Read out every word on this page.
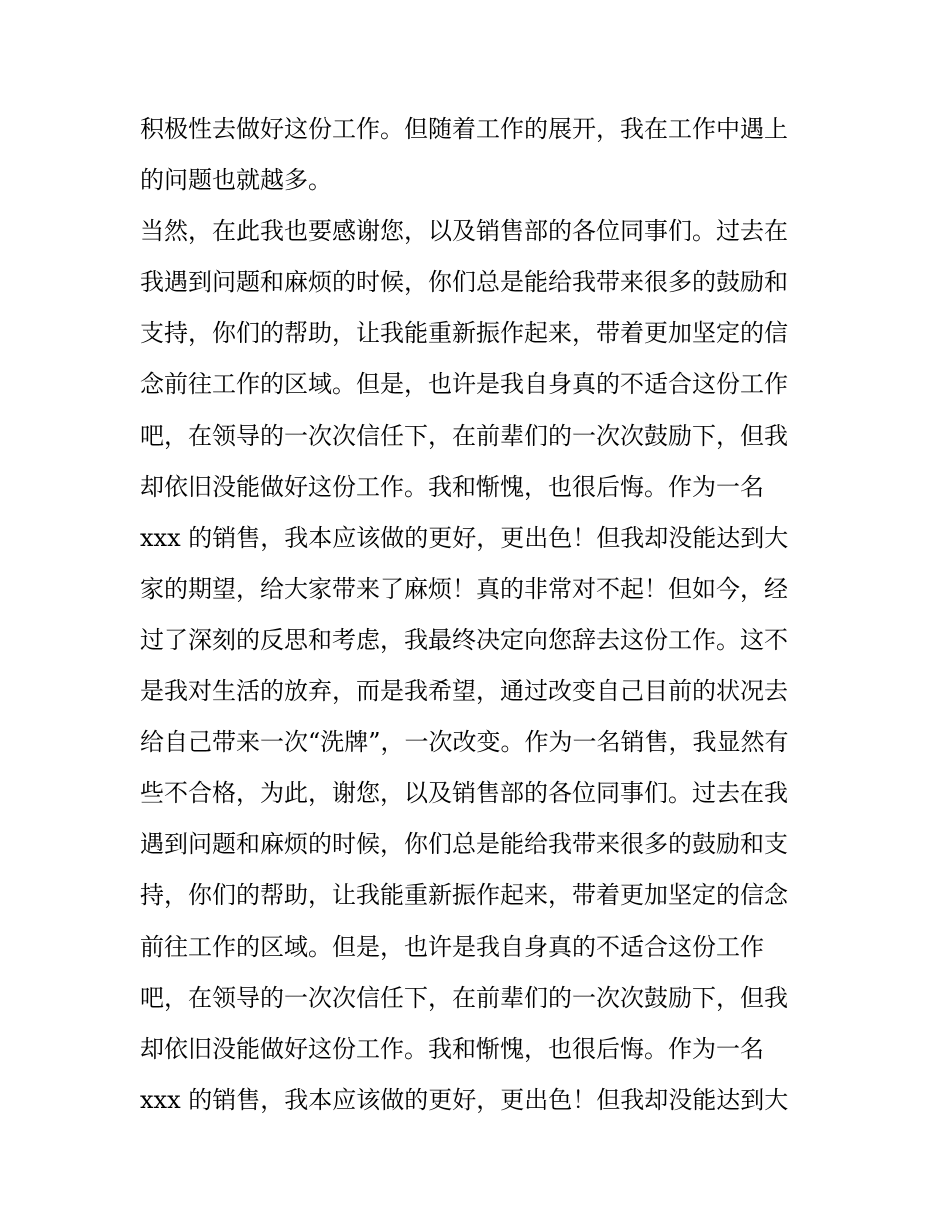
积极性去做好这份工作。但随着工作的展开，我在工作中遇上
的问题也就越多。
当然，在此我也要感谢您，以及销售部的各位同事们。过去在
我遇到问题和麻烦的时候，你们总是能给我带来很多的鼓励和
支持，你们的帮助，让我能重新振作起来，带着更加坚定的信
念前往工作的区域。但是，也许是我自身真的不适合这份工作
吧，在领导的一次次信任下，在前辈们的一次次鼓励下，但我
却依旧没能做好这份工作。我和惭愧，也很后悔。作为一名
xxx 的销售，我本应该做的更好，更出色！但我却没能达到大
家的期望，给大家带来了麻烦！真的非常对不起！但如今，经
过了深刻的反思和考虑，我最终决定向您辞去这份工作。这不
是我对生活的放弃，而是我希望，通过改变自己目前的状况去
给自己带来一次“洗牌”，一次改变。作为一名销售，我显然有
些不合格，为此，谢您，以及销售部的各位同事们。过去在我
遇到问题和麻烦的时候，你们总是能给我带来很多的鼓励和支
持，你们的帮助，让我能重新振作起来，带着更加坚定的信念
前往工作的区域。但是，也许是我自身真的不适合这份工作
吧，在领导的一次次信任下，在前辈们的一次次鼓励下，但我
却依旧没能做好这份工作。我和惭愧，也很后悔。作为一名
xxx 的销售，我本应该做的更好，更出色！但我却没能达到大
